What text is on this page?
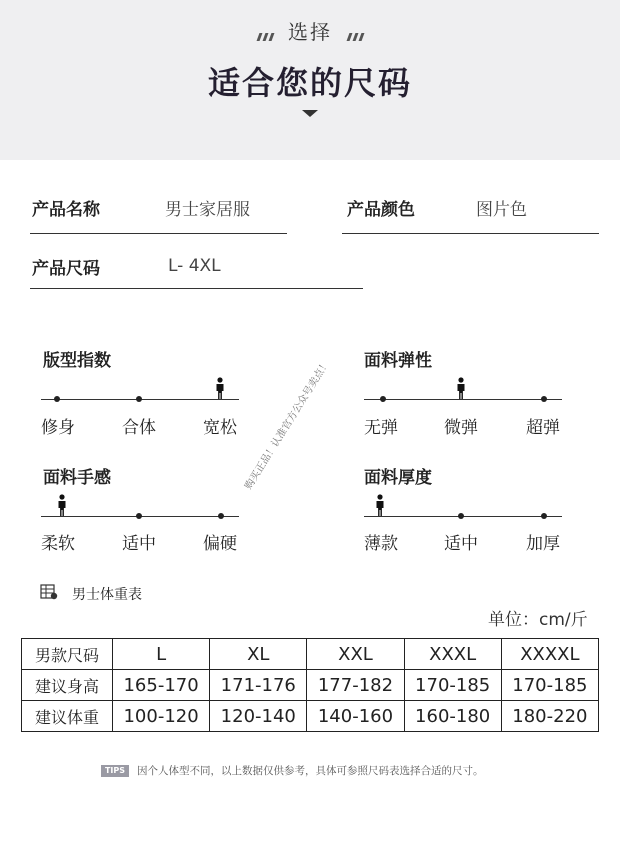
选择
适合您的尺码
产品名称	男士家居服	产品颜色	图片色
产品尺码	L- 4XL
版型指数
修身	合体	宽松
面料弹性
无弹	微弹	超弹
面料手感
柔软	适中	偏硬
面料厚度
薄款	适中	加厚
购买正品！认准官方公众号卖点！
男士体重表
单位：cm/斤
男款尺码	L	XL	XXL	XXXL	XXXXL
建议身高	165-170	171-176	177-182	170-185	170-185
建议体重	100-120	120-140	140-160	160-180	180-220
TIPS	因个人体型不同，以上数据仅供参考，具体可参照尺码表选择合适的尺寸。
